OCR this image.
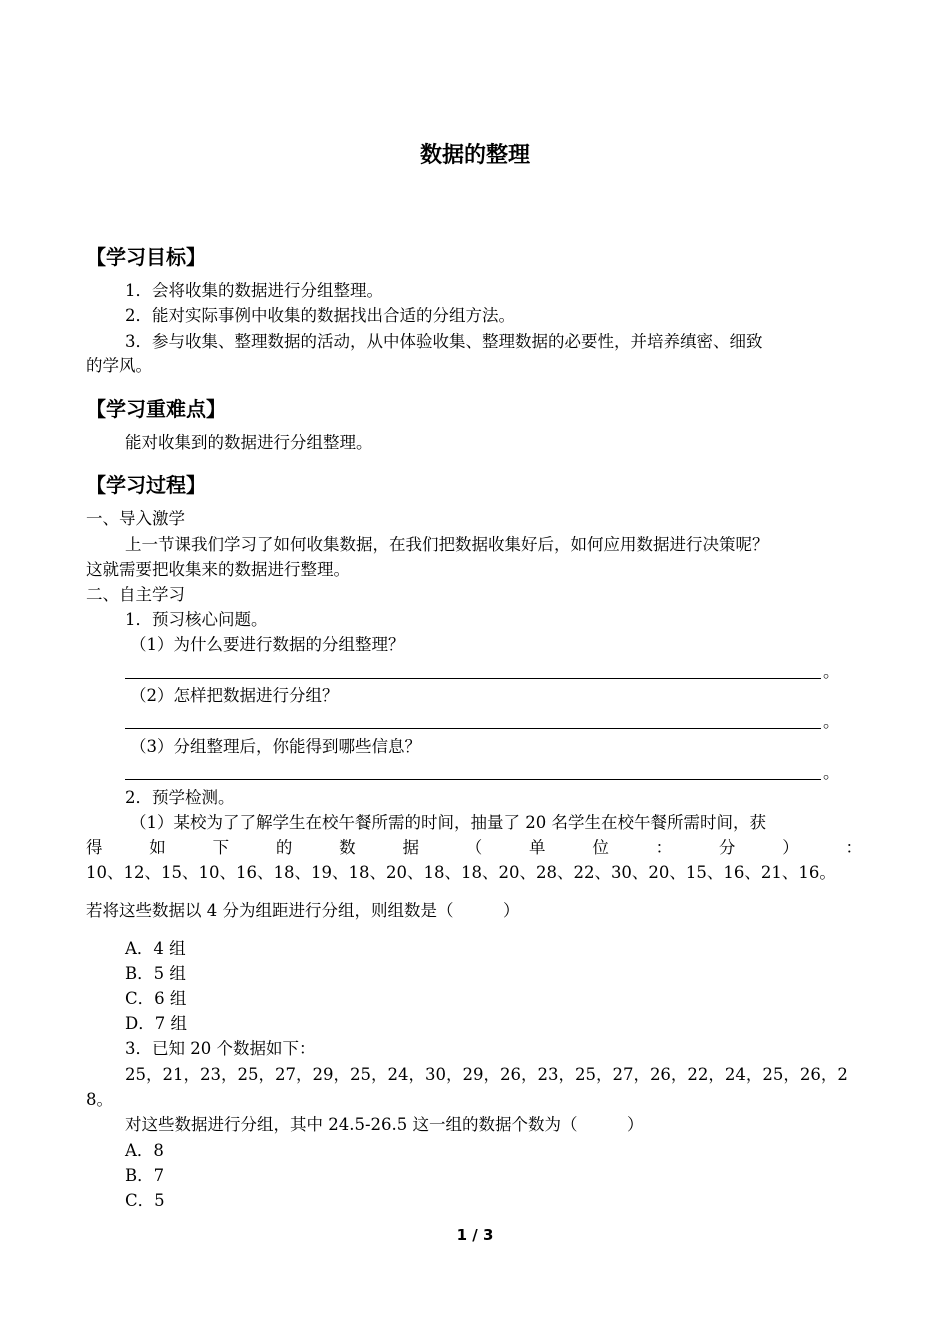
数据的整理
【学习目标】
1．会将收集的数据进行分组整理。
2．能对实际事例中收集的数据找出合适的分组方法。
3．参与收集、整理数据的活动，从中体验收集、整理数据的必要性，并培养缜密、细致
的学风。
【学习重难点】
能对收集到的数据进行分组整理。
【学习过程】
一、导入激学
上一节课我们学习了如何收集数据，在我们把数据收集好后，如何应用数据进行决策呢？
这就需要把收集来的数据进行整理。
二、自主学习
1．预习核心问题。
（1）为什么要进行数据的分组整理？
。
（2）怎样把数据进行分组？
。
（3）分组整理后，你能得到哪些信息？
。
2．预学检测。
（1）某校为了了解学生在校午餐所需的时间，抽量了 20 名学生在校午餐所需时间，获
得 如 下 的 数 据 （ 单 位 ： 分 ） ：
10、12、15、10、16、18、19、18、20、18、18、20、28、22、30、20、15、16、21、16。
若将这些数据以 4 分为组距进行分组，则组数是（　　　）
A．4 组
B．5 组
C．6 组
D．7 组
3．已知 20 个数据如下：
25，21，23，25，27，29，25，24，30，29，26，23，25，27，26，22，24，25，26，2
8。
对这些数据进行分组，其中 24.5-26.5 这一组的数据个数为（　　　）
A．8
B．7
C．5
1 / 3
